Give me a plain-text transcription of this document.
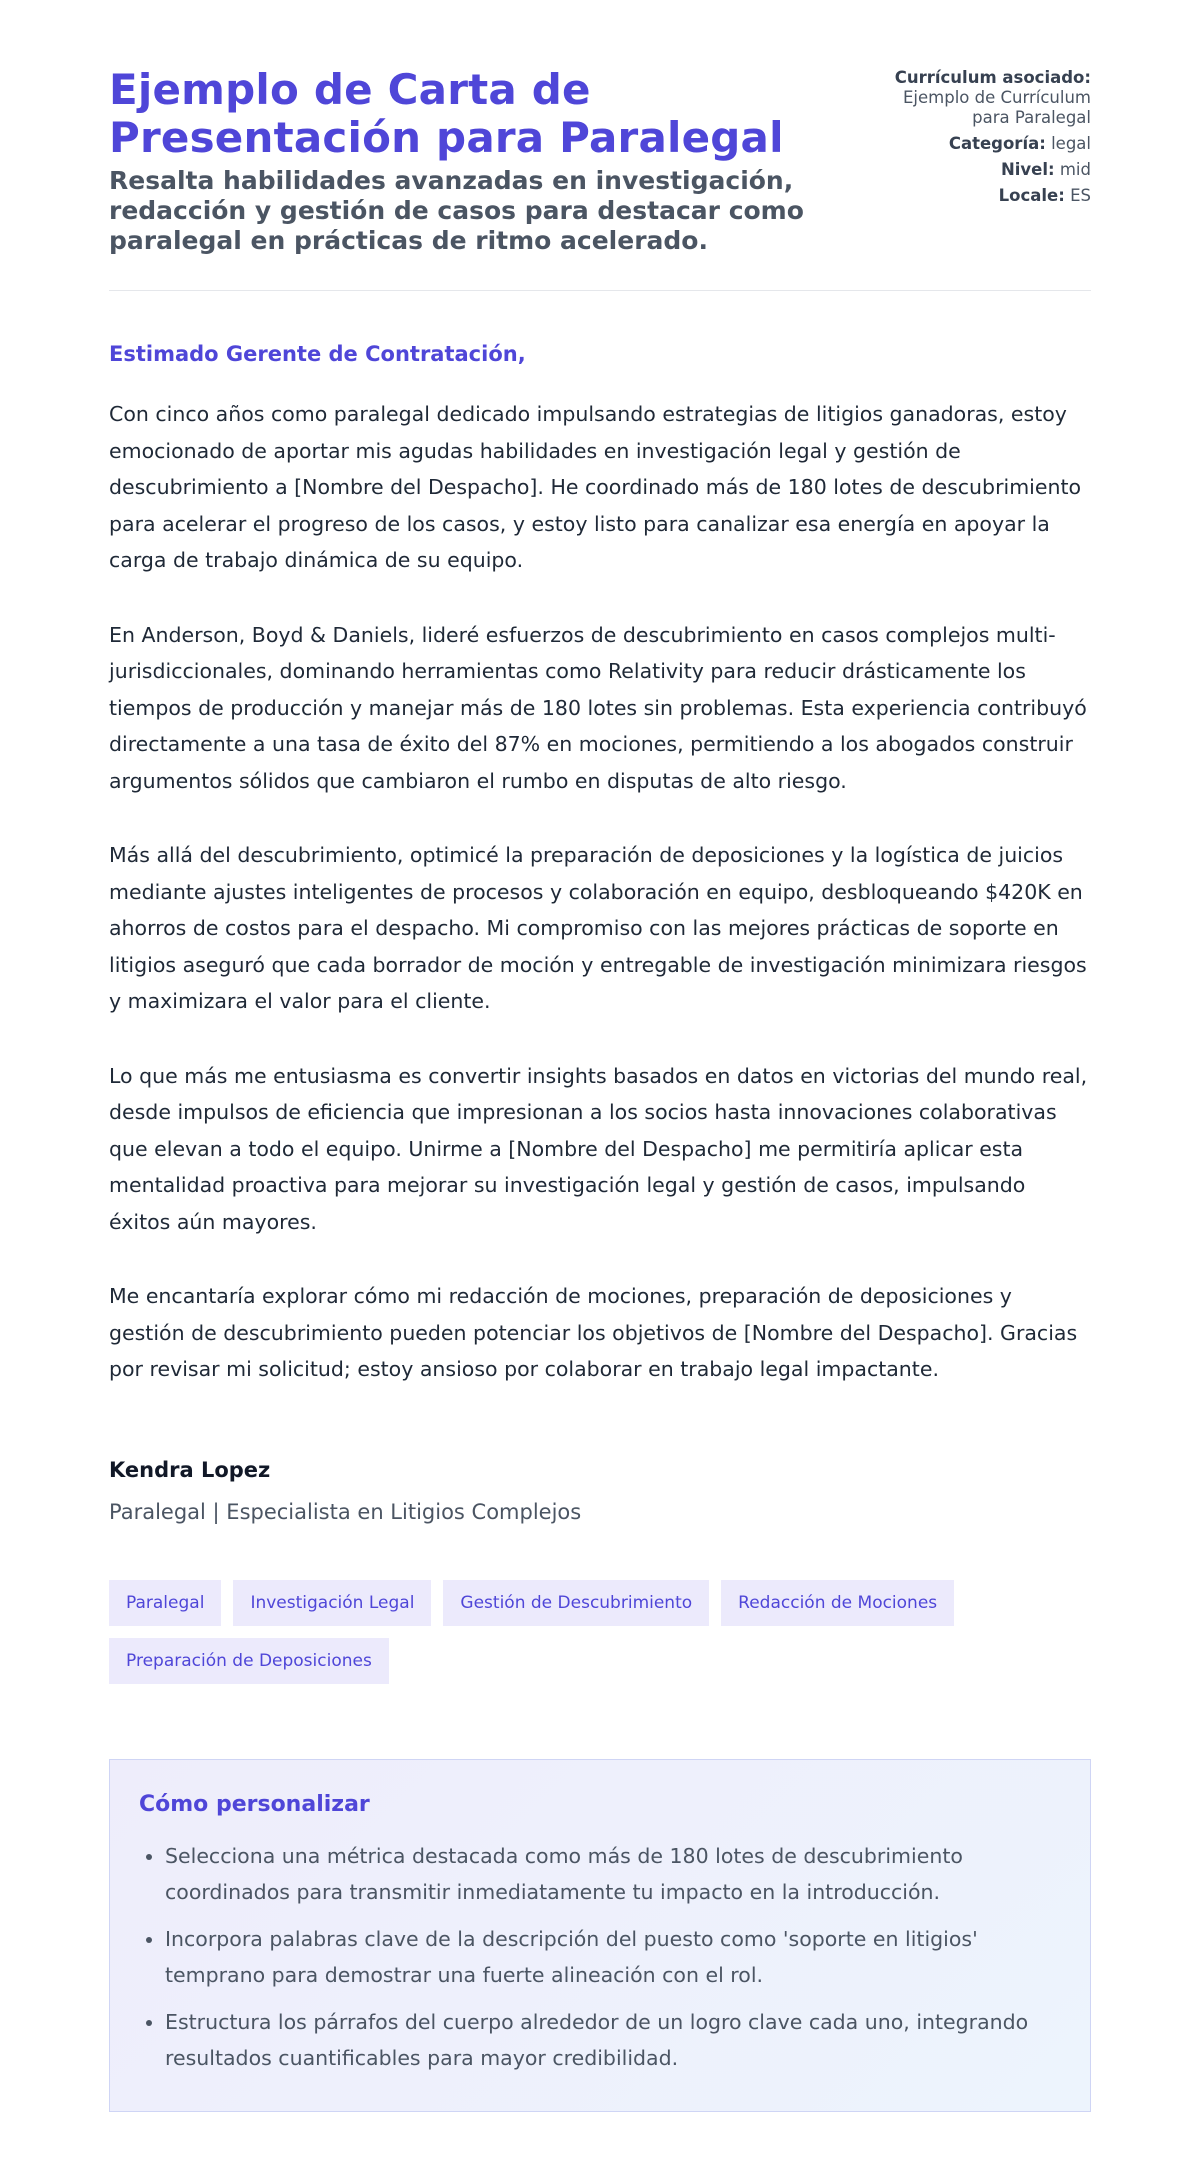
Ejemplo de Carta de Presentación para Paralegal
Resalta habilidades avanzadas en investigación, redacción y gestión de casos para destacar como paralegal en prácticas de ritmo acelerado.
Currículum asociado: Ejemplo de Currículum para Paralegal
Categoría: legal
Nivel: mid
Locale: ES

Estimado Gerente de Contratación,

Con cinco años como paralegal dedicado impulsando estrategias de litigios ganadoras, estoy emocionado de aportar mis agudas habilidades en investigación legal y gestión de descubrimiento a [Nombre del Despacho]. He coordinado más de 180 lotes de descubrimiento para acelerar el progreso de los casos, y estoy listo para canalizar esa energía en apoyar la carga de trabajo dinámica de su equipo.

En Anderson, Boyd & Daniels, lideré esfuerzos de descubrimiento en casos complejos multi-jurisdiccionales, dominando herramientas como Relativity para reducir drásticamente los tiempos de producción y manejar más de 180 lotes sin problemas. Esta experiencia contribuyó directamente a una tasa de éxito del 87% en mociones, permitiendo a los abogados construir argumentos sólidos que cambiaron el rumbo en disputas de alto riesgo.

Más allá del descubrimiento, optimicé la preparación de deposiciones y la logística de juicios mediante ajustes inteligentes de procesos y colaboración en equipo, desbloqueando $420K en ahorros de costos para el despacho. Mi compromiso con las mejores prácticas de soporte en litigios aseguró que cada borrador de moción y entregable de investigación minimizara riesgos y maximizara el valor para el cliente.

Lo que más me entusiasma es convertir insights basados en datos en victorias del mundo real, desde impulsos de eficiencia que impresionan a los socios hasta innovaciones colaborativas que elevan a todo el equipo. Unirme a [Nombre del Despacho] me permitiría aplicar esta mentalidad proactiva para mejorar su investigación legal y gestión de casos, impulsando éxitos aún mayores.

Me encantaría explorar cómo mi redacción de mociones, preparación de deposiciones y gestión de descubrimiento pueden potenciar los objetivos de [Nombre del Despacho]. Gracias por revisar mi solicitud; estoy ansioso por colaborar en trabajo legal impactante.

Kendra Lopez

Paralegal | Especialista en Litigios Complejos

Paralegal	Investigación Legal	Gestión de Descubrimiento	Redacción de Mociones
Preparación de Deposiciones
Cómo personalizar
• Selecciona una métrica destacada como más de 180 lotes de descubrimiento coordinados para transmitir inmediatamente tu impacto en la introducción.
• Incorpora palabras clave de la descripción del puesto como 'soporte en litigios' temprano para demostrar una fuerte alineación con el rol.
• Estructura los párrafos del cuerpo alrededor de un logro clave cada uno, integrando resultados cuantificables para mayor credibilidad.
